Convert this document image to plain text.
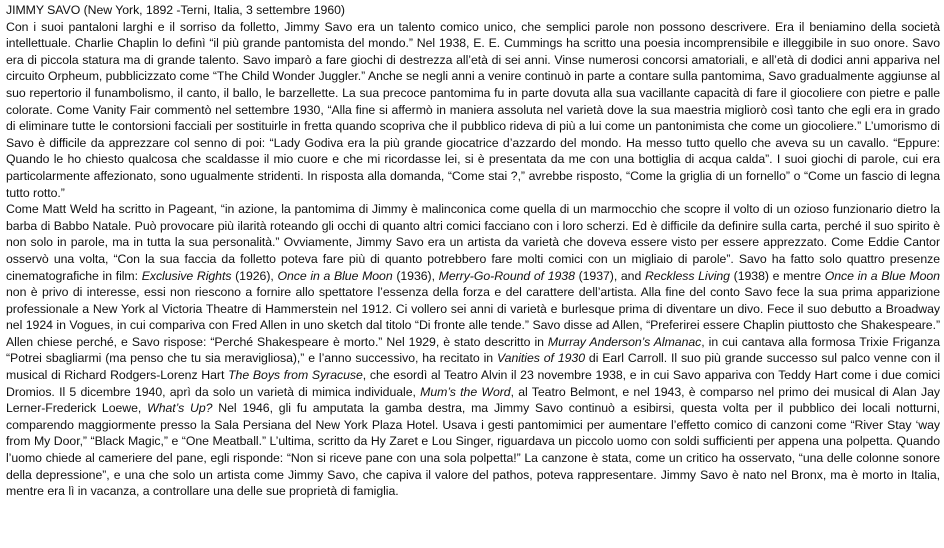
JIMMY SAVO (New York, 1892 -Terni, Italia, 3 settembre 1960)

Con i suoi pantaloni larghi e il sorriso da folletto, Jimmy Savo era un talento comico unico, che semplici parole non possono descrivere. Era il beniamino della società intellettuale. Charlie Chaplin lo definì “il più grande pantomista del mondo.” Nel 1938, E. E. Cummings ha scritto una poesia incomprensibile e illeggibile in suo onore. Savo era di piccola statura ma di grande talento. Savo imparò a fare giochi di destrezza all’età di sei anni. Vinse numerosi concorsi amatoriali, e all’età di dodici anni appariva nel circuito Orpheum, pubblicizzato come “The Child Wonder Juggler.” Anche se negli anni a venire continuò in parte a contare sulla pantomima, Savo gradualmente aggiunse al suo repertorio il funambolismo, il canto, il ballo, le barzellette. La sua precoce pantomima fu in parte dovuta alla sua vacillante capacità di fare il giocoliere con pietre e palle colorate. Come Vanity Fair commentò nel settembre 1930, “Alla fine si affermò in maniera assoluta nel varietà dove la sua maestria migliorò così tanto che egli era in grado di eliminare tutte le contorsioni facciali per sostituirle in fretta quando scopriva che il pubblico rideva di più a lui come un pantonimista che come un giocoliere.” L’umorismo di Savo è difficile da apprezzare col senno di poi: “Lady Godiva era la più grande giocatrice d’azzardo del mondo. Ha messo tutto quello che aveva su un cavallo. “Eppure: Quando le ho chiesto qualcosa che scaldasse il mio cuore e che mi ricordasse lei, si è presentata da me con una bottiglia di acqua calda”. I suoi giochi di parole, cui era particolarmente affezionato, sono ugualmente stridenti. In risposta alla domanda, “Come stai ?,” avrebbe risposto, “Come la griglia di un fornello” o “Come un fascio di legna tutto rotto.”

Come Matt Weld ha scritto in Pageant, “in azione, la pantomima di Jimmy è malinconica come quella di un marmocchio che scopre il volto di un ozioso funzionario dietro la barba di Babbo Natale. Può provocare più ilarità roteando gli occhi di quanto altri comici facciano con i loro scherzi. Ed è difficile da definire sulla carta, perché il suo spirito è non solo in parole, ma in tutta la sua personalità.” Ovviamente, Jimmy Savo era un artista da varietà che doveva essere visto per essere apprezzato. Come Eddie Cantor osservò una volta, “Con la sua faccia da folletto poteva fare più di quanto potrebbero fare molti comici con un migliaio di parole”. Savo ha fatto solo quattro presenze cinematografiche in film: Exclusive Rights (1926), Once in a Blue Moon (1936), Merry-Go-Round of 1938 (1937), and Reckless Living (1938) e mentre Once in a Blue Moon non è privo di interesse, essi non riescono a fornire allo spettatore l’essenza della forza e del carattere dell’artista. Alla fine del conto Savo fece la sua prima apparizione professionale a New York al Victoria Theatre di Hammerstein nel 1912. Ci vollero sei anni di varietà e burlesque prima di diventare un divo. Fece il suo debutto a Broadway nel 1924 in Vogues, in cui compariva con Fred Allen in uno sketch dal titolo “Di fronte alle tende.” Savo disse ad Allen, “Preferirei essere Chaplin piuttosto che Shakespeare.” Allen chiese perché, e Savo rispose: “Perché Shakespeare è morto.” Nel 1929, è stato descritto in Murray Anderson’s Almanac, in cui cantava alla formosa Trixie Friganza “Potrei sbagliarmi (ma penso che tu sia meravigliosa),” e l’anno successivo, ha recitato in Vanities of 1930 di Earl Carroll. Il suo più grande successo sul palco venne con il musical di Richard Rodgers-Lorenz Hart The Boys from Syracuse, che esordì al Teatro Alvin il 23 novembre 1938, e in cui Savo appariva con Teddy Hart come i due comici Dromios. Il 5 dicembre 1940, aprì da solo un varietà di mimica individuale, Mum’s the Word, al Teatro Belmont, e nel 1943, è comparso nel primo dei musical di Alan Jay Lerner-Frederick Loewe, What’s Up? Nel 1946, gli fu amputata la gamba destra, ma Jimmy Savo continuò a esibirsi, questa volta per il pubblico dei locali notturni, comparendo maggiormente presso la Sala Persiana del New York Plaza Hotel. Usava i gesti pantomimici per aumentare l’effetto comico di canzoni come “River Stay ‘way from My Door,” “Black Magic,” e “One Meatball.” L’ultima, scritto da Hy Zaret e Lou Singer, riguardava un piccolo uomo con soldi sufficienti per appena una polpetta. Quando l’uomo chiede al cameriere del pane, egli risponde: “Non si riceve pane con una sola polpetta!” La canzone è stata, come un critico ha osservato, “una delle colonne sonore della depressione”, e una che solo un artista come Jimmy Savo, che capiva il valore del pathos, poteva rappresentare. Jimmy Savo è nato nel Bronx, ma è morto in Italia, mentre era lì in vacanza, a controllare una delle sue proprietà di famiglia.
